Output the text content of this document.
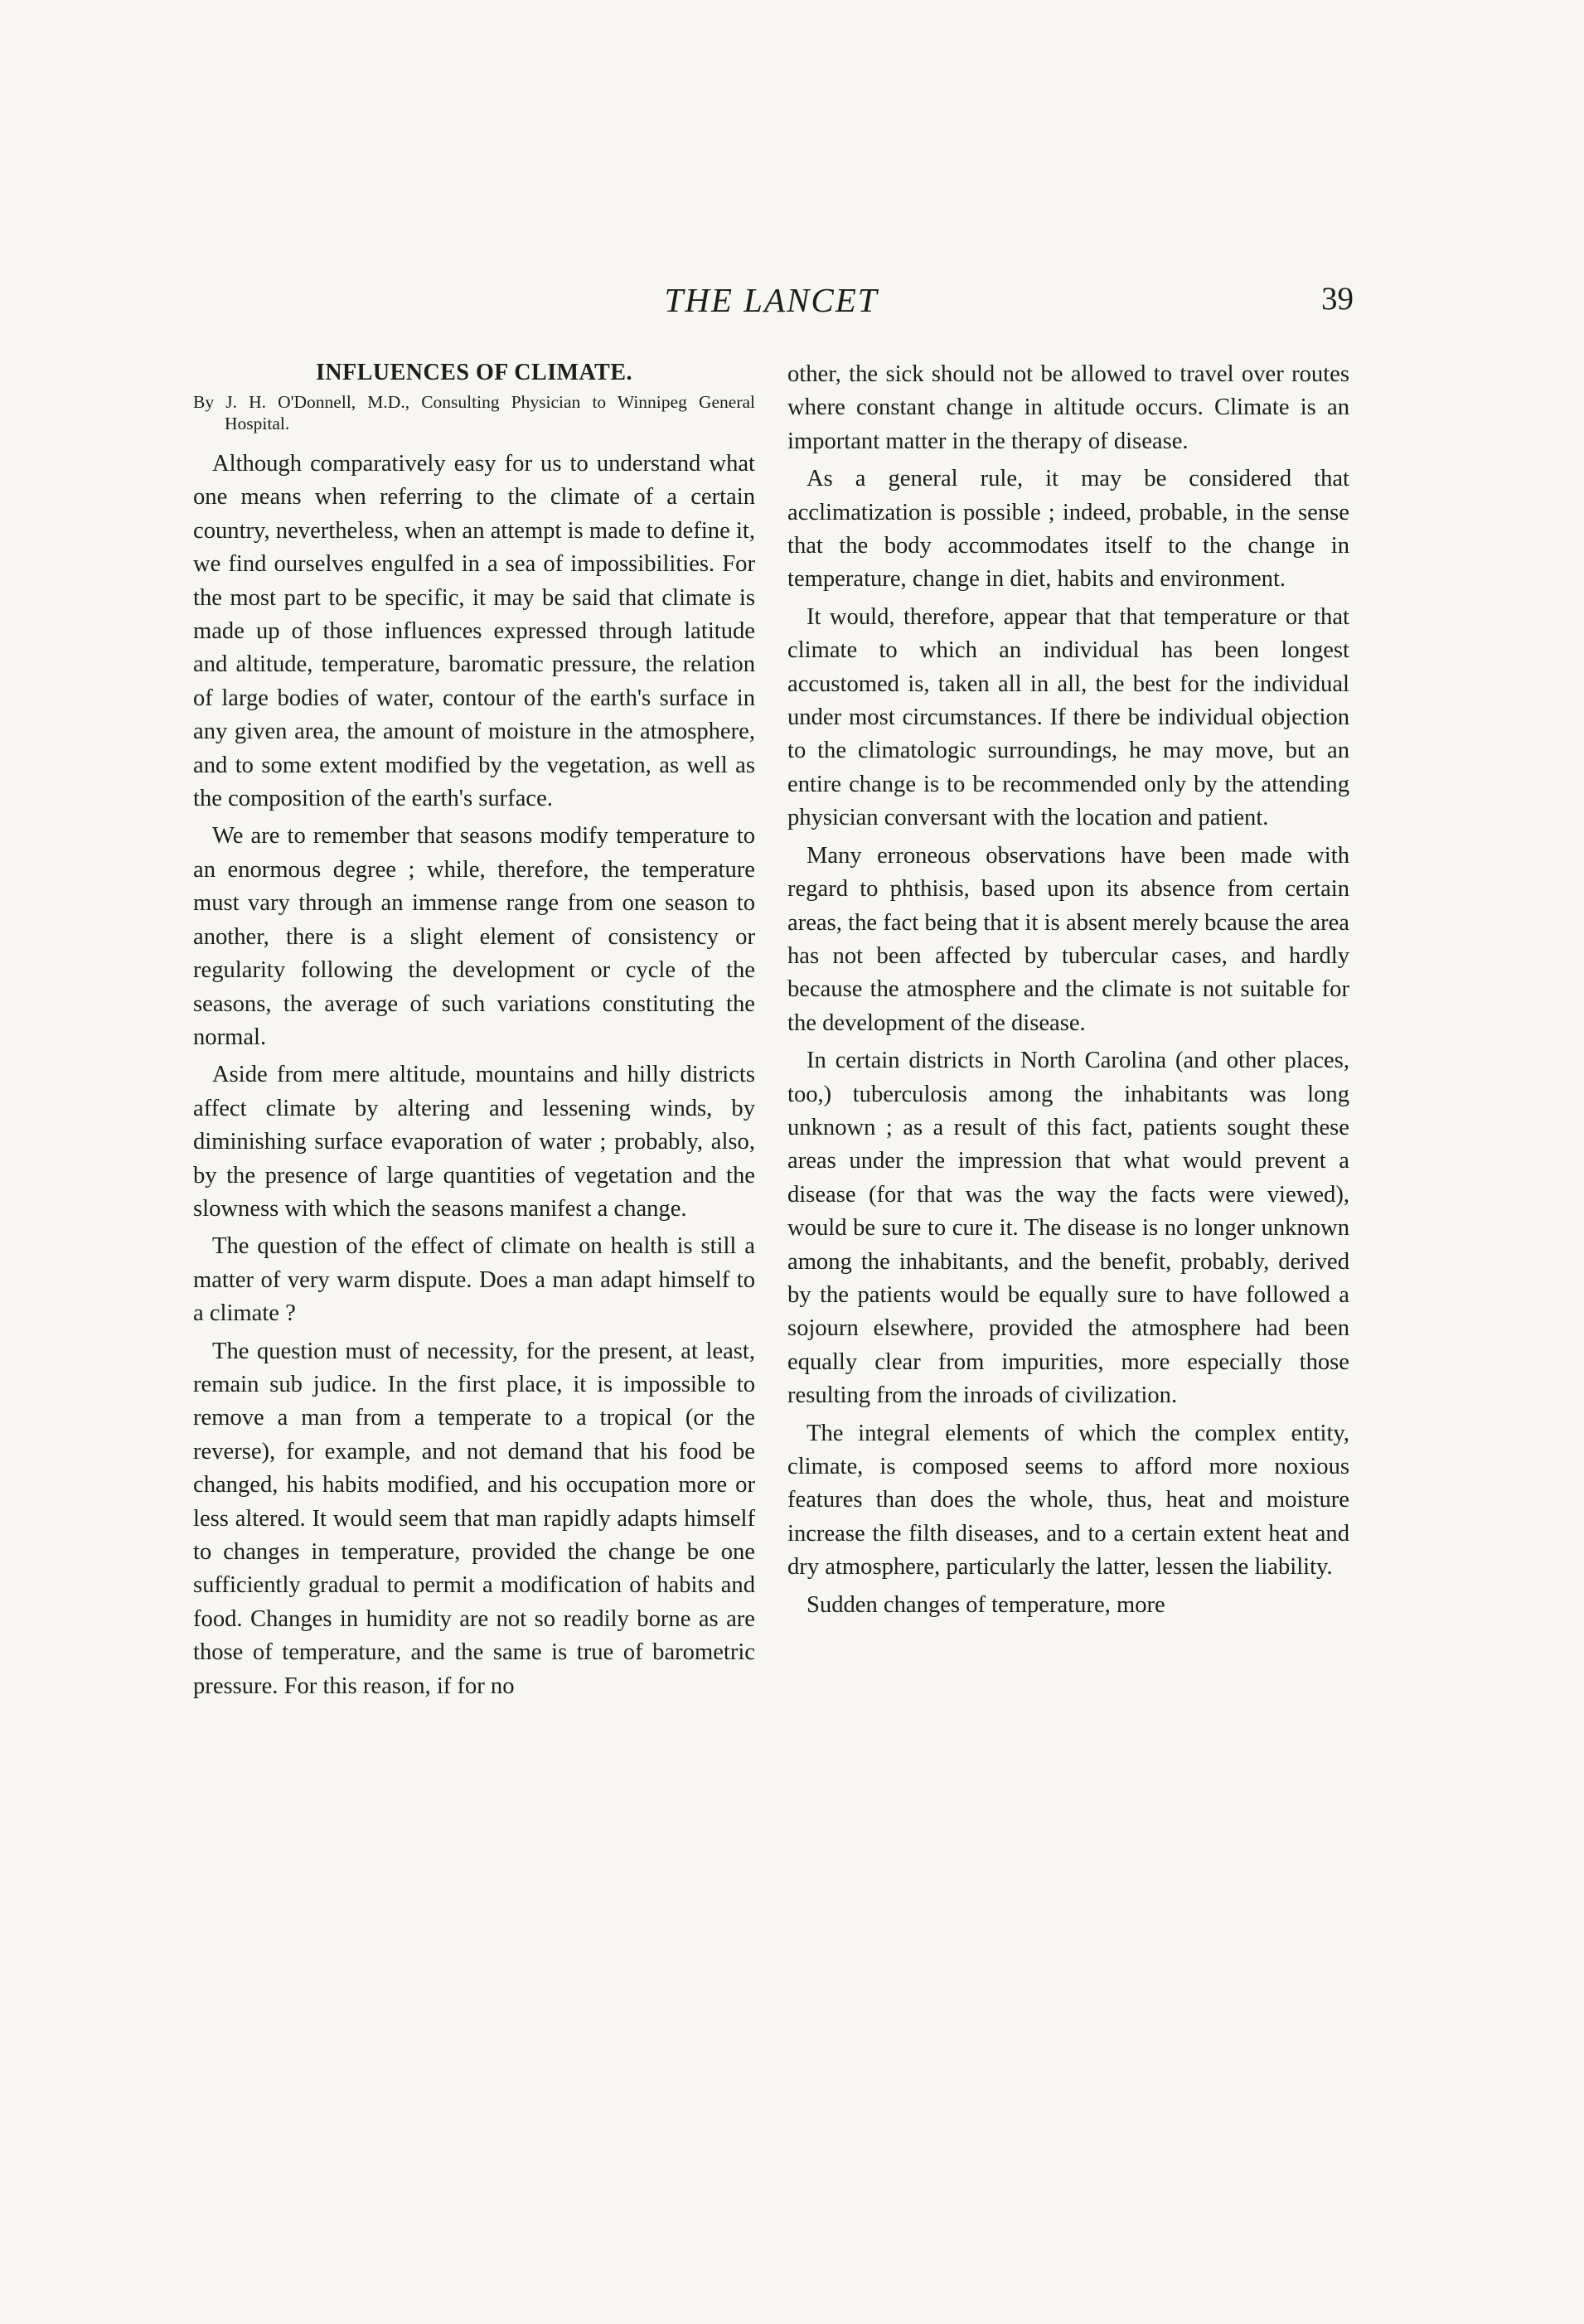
THE LANCET	39
INFLUENCES OF CLIMATE.
By J. H. O'Donnell, M.D., Consulting Physician to Winnipeg General Hospital.

Although comparatively easy for us to understand what one means when referring to the climate of a certain country, nevertheless, when an attempt is made to define it, we find ourselves engulfed in a sea of impossibilities. For the most part to be specific, it may be said that climate is made up of those influences expressed through latitude and altitude, temperature, baromatic pressure, the relation of large bodies of water, contour of the earth's surface in any given area, the amount of moisture in the atmosphere, and to some extent modified by the vegetation, as well as the composition of the earth's surface.

We are to remember that seasons modify temperature to an enormous degree ; while, therefore, the temperature must vary through an immense range from one season to another, there is a slight element of consistency or regularity following the development or cycle of the seasons, the average of such variations constituting the normal.

Aside from mere altitude, mountains and hilly districts affect climate by altering and lessening winds, by diminishing surface evaporation of water ; probably, also, by the presence of large quantities of vegetation and the slowness with which the seasons manifest a change.

The question of the effect of climate on health is still a matter of very warm dispute. Does a man adapt himself to a climate ?

The question must of necessity, for the present, at least, remain sub judice. In the first place, it is impossible to remove a man from a temperate to a tropical (or the reverse), for example, and not demand that his food be changed, his habits modified, and his occupation more or less altered. It would seem that man rapidly adapts himself to changes in temperature, provided the change be one sufficiently gradual to permit a modification of habits and food. Changes in humidity are not so readily borne as are those of temperature, and the same is true of barometric pressure. For this reason, if for no

other, the sick should not be allowed to travel over routes where constant change in altitude occurs. Climate is an important matter in the therapy of disease.

As a general rule, it may be considered that acclimatization is possible ; indeed, probable, in the sense that the body accommodates itself to the change in temperature, change in diet, habits and environment.

It would, therefore, appear that that temperature or that climate to which an individual has been longest accustomed is, taken all in all, the best for the individual under most circumstances. If there be individual objection to the climatologic surroundings, he may move, but an entire change is to be recommended only by the attending physician conversant with the location and patient.

Many erroneous observations have been made with regard to phthisis, based upon its absence from certain areas, the fact being that it is absent merely bcause the area has not been affected by tubercular cases, and hardly because the atmosphere and the climate is not suitable for the development of the disease.

In certain districts in North Carolina (and other places, too,) tuberculosis among the inhabitants was long unknown ; as a result of this fact, patients sought these areas under the impression that what would prevent a disease (for that was the way the facts were viewed), would be sure to cure it. The disease is no longer unknown among the inhabitants, and the benefit, probably, derived by the patients would be equally sure to have followed a sojourn elsewhere, provided the atmosphere had been equally clear from impurities, more especially those resulting from the inroads of civilization.

The integral elements of which the complex entity, climate, is composed seems to afford more noxious features than does the whole, thus, heat and moisture increase the filth diseases, and to a certain extent heat and dry atmosphere, particularly the latter, lessen the liability.

Sudden changes of temperature, more
